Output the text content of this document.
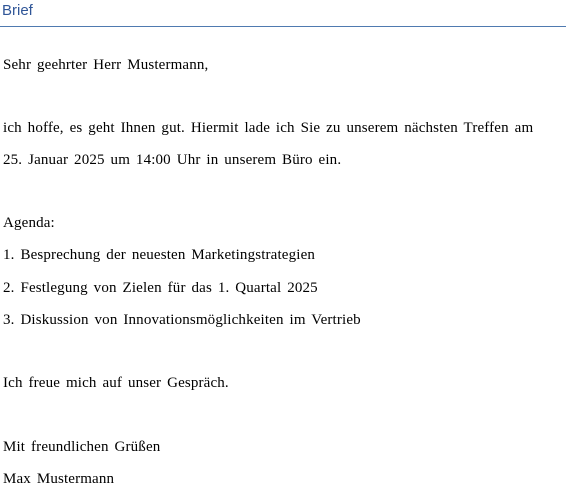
Brief
Sehr geehrter Herr Mustermann,
ich hoffe, es geht Ihnen gut. Hiermit lade ich Sie zu unserem nächsten Treffen am
25. Januar 2025 um 14:00 Uhr in unserem Büro ein.
Agenda:
1. Besprechung der neuesten Marketingstrategien
2. Festlegung von Zielen für das 1. Quartal 2025
3. Diskussion von Innovationsmöglichkeiten im Vertrieb
Ich freue mich auf unser Gespräch.
Mit freundlichen Grüßen
Max Mustermann
